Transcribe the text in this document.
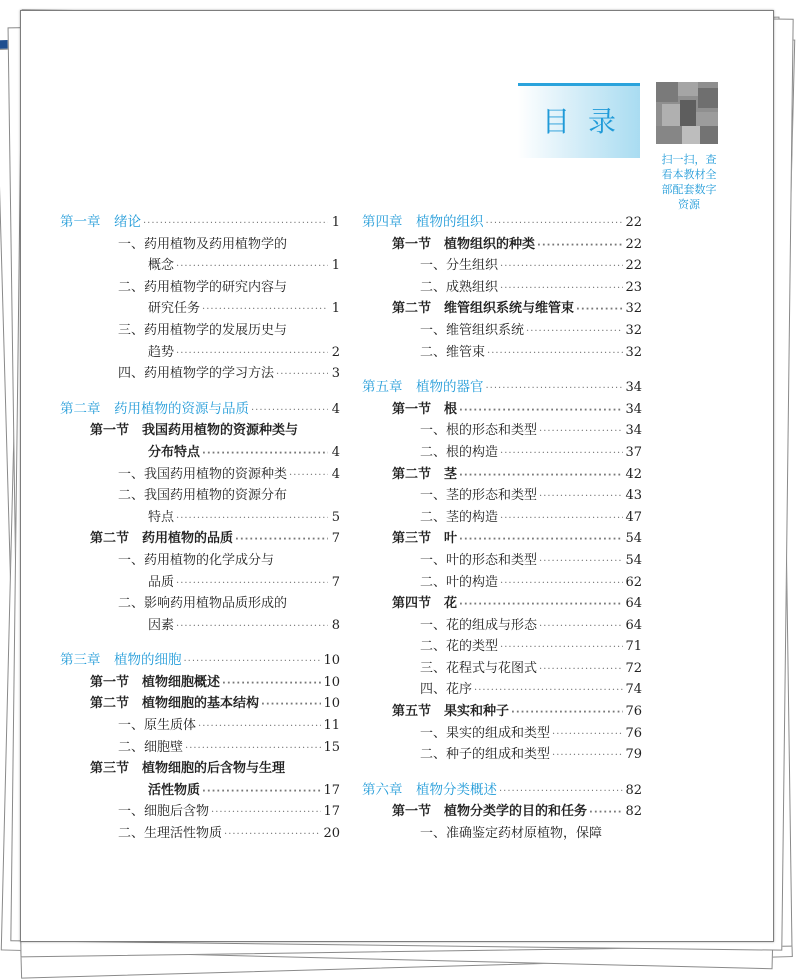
目录
扫一扫，查
看本教材全
部配套数字
资源
第一章　绪论 ·····	1
一、药用植物及药用植物学的
概念 ·····	1
二、药用植物学的研究内容与
研究任务 ·····	1
三、药用植物学的发展历史与
趋势 ·····	2
四、药用植物学的学习方法 ·····	3
第二章　药用植物的资源与品质 ·····	4
第一节　我国药用植物的资源种类与
分布特点 ·····	4
一、我国药用植物的资源种类 ·····	4
二、我国药用植物的资源分布
特点 ·····	5
第二节　药用植物的品质 ·····	7
一、药用植物的化学成分与
品质 ·····	7
二、影响药用植物品质形成的
因素 ·····	8
第三章　植物的细胞 ·····	10
第一节　植物细胞概述 ·····	10
第二节　植物细胞的基本结构 ·····	10
一、原生质体 ·····	11
二、细胞壁 ·····	15
第三节　植物细胞的后含物与生理
活性物质 ·····	17
一、细胞后含物 ·····	17
二、生理活性物质 ·····	20
第四章　植物的组织 ·····	22
第一节　植物组织的种类 ·····	22
一、分生组织 ·····	22
二、成熟组织 ·····	23
第二节　维管组织系统与维管束 ·····	32
一、维管组织系统 ·····	32
二、维管束 ·····	32
第五章　植物的器官 ·····	34
第一节　根 ·····	34
一、根的形态和类型 ·····	34
二、根的构造 ·····	37
第二节　茎 ·····	42
一、茎的形态和类型 ·····	43
二、茎的构造 ·····	47
第三节　叶 ·····	54
一、叶的形态和类型 ·····	54
二、叶的构造 ·····	62
第四节　花 ·····	64
一、花的组成与形态 ·····	64
二、花的类型 ·····	71
三、花程式与花图式 ·····	72
四、花序 ·····	74
第五节　果实和种子 ·····	76
一、果实的组成和类型 ·····	76
二、种子的组成和类型 ·····	79
第六章　植物分类概述 ·····	82
第一节　植物分类学的目的和任务 ·····	82
一、准确鉴定药材原植物，保障
